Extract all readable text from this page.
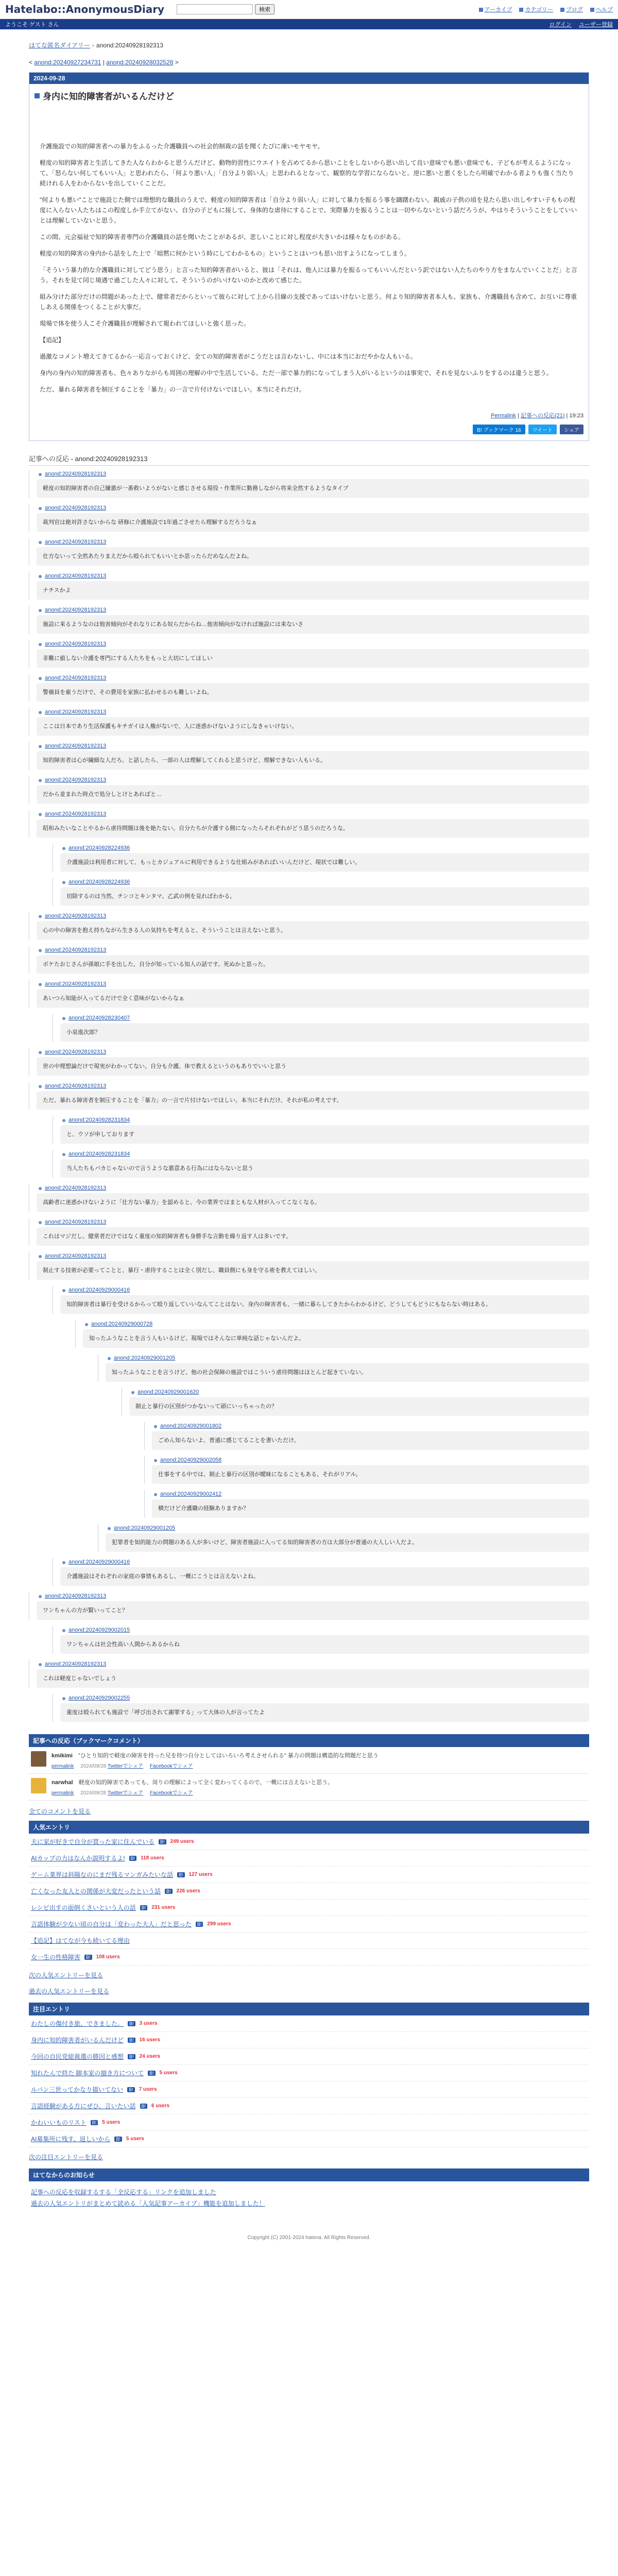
Hatelabo::AnonymousDiary	検索	アーカイブ	カテゴリー	ブログ	ヘルプ
ようこそ ゲスト さん	ログイン ユーザー登録
はてな匿名ダイアリー › anond:20240928192313
< anond:20240927234731 | anond:20240928032528 >
2024-09-28
身内に知的障害者がいるんだけど

介護施設での知的障害者への暴力をふるった介護職員への社会的制裁の話を聞くたびに凍いモヤモヤ。

軽度の知的障害者と生活してきた人ならわかると思うんだけど、動物的習性にウエイトを占めてるから思いことをしないから思い出して良い意味でも悪い意味でも、子どもが考えるようになって、「怒らない何してもいい人」と思われたら、「何より悪い人」「自分より弱い人」と思われるとなって、観察的な学習にならないと。逆に悪いと悪くをしたら明確でわかる者よりも強く当たり続けれる人をわからないを出していくことだ。

"何よりも悪い"ことで施設じた側では理想的な職員のうえで、軽度の知的障害者は「自分より弱い人」に対して暴力を振るう事を躊躇わない。親戚の子供の頃を見たら思い出しやすい子ももの程度に入らない人たちはこの程度しか手立てがない、自分の子どもに接して、身体的な虐待にすることで、実際暴力を振るうことは一切やらないという話だろうが、やはりそういうことをしていいとは理解していないと思う。

この間、元会福祉で知的障害者専門の介護職員の話を聞いたことがあるが、悲しいことに対し程度が大きいかは様々なものがある。

軽度の知的障害の身内から話をした上で「暗黙に何かという時にしてわかるもの」ということはいつも思い出すようになってしまう。

「そういう暴力的な介護職員に対してどう思う」と言った知的障害者がいると、彼は「それは、他人には暴力を振るってもいいんだという訳ではない人たちのやり方をまなんでいくことだ」と言う。それを見て同じ境遇で過ごした人々に対して、そういうのがいけないのかと改めて感じた。

組み分けた部分だけの問題があった上で、健常者だからといって彼らに対して上から目線の支援であってはいけないと思う。何より知的障害者本人も、家族も、介護職員も含めて、お互いに尊重しあえる関係をつくることが大事だ。

現場で体を使う人こそ介護職員が理解されて報われてほしいと強く思った。

【追記】

過激なコメント増えてきてるから一応言っておくけど、全ての知的障害者がこうだとは言わないし、中には本当におだやかな人もいる。

身内の身内の知的障害者も、色々ありながらも周囲の理解の中で生活している。ただ一部で暴力的になってしまう人がいるというのは事実で、それを見ないふりをするのは違うと思う。

ただ、暴れる障害者を制圧することを「暴力」の一言で片付けないでほしい。本当にそれだけ。

Permalink | 記事への反応(21) | 19:23
B! ブックマーク 16	ツイート	シェア
記事への反応 - anond:20240928192313
anond:20240928192313
軽度の知的障害者の自己嫌悪が一番救いようがないと感じさせる現役・作業所に勤務しながら将来全然するようなタイプ
anond:20240928192313
裁判官は絶対許さないからな 研修に介護施設で1年過ごさせたら理解するだろうなぁ
anond:20240928192313
仕方ないって全然あたりまえだから殴られてもいいとか思ったらだめなんだよね。
anond:20240928192313
ナチスかよ
anond:20240928192313
施設に来るようなのは他害傾向がそれなりにある奴らだからね…他害傾向がなければ施設には来ないさ
anond:20240928192313
非難に値しない介護を専門にする人たちをもっと大切にしてほしい
anond:20240928192313
警備員を雇うだけで、その費用を家族に払わせるのも難しいよね。
anond:20240928192313
ここは日本であり生活保護もキチガイは人権がないで、人に迷惑かけないようにしなきゃいけない。
anond:20240928192313
知的障害者は心が繊細な人だろ。と話したら、一部の人は理解してくれると思うけど、理解できない人もいる。
anond:20240928192313
だから並まれた時点で処分しとけとあればと…
anond:20240928192313
昭和みたいなことやるから虐待問題は後を絶たない。自分たちが介護する側になったらそれぞれがどう思うのだろうな。
anond:20240928224936
介護施設は利用者に対して、もっとカジュアルに利用できるような仕組みがあればいいんだけど、現状では難しい。
anond:20240928224936
切除するのは当然、チンコとキンタマ。乙武の例を見ればわかる。
anond:20240928192313
心の中の障害を抱え持ちながら生きる人の気持ちを考えると、そういうことは言えないと思う。
anond:20240928192313
ボケたおじさんが孫娘に手を出した、自分が知っている知人の話です。死ぬかと思った。
anond:20240928192313
あいつら知能が入ってるだけで全く意味がないからなぁ
anond:20240928230407
小泉進次郎？
anond:20240928192313
世の中理想論だけで現実がわかってない。自分も介護、体で教えるというのもありでいいと思う
anond:20240928192313
ただ、暴れる障害者を制圧することを「暴力」の一言で片付けないでほしい。本当にそれだけ、それが私の考えです。
anond:20240928231834
と、ウソが申しております
anond:20240928231834
当人たちもバカじゃないので言うような悪意ある行為にはならないと思う
anond:20240928192313
高齢者に迷惑かけないように「仕方ない暴力」を認めると、今の業界ではまともな人材が入ってこなくなる。
anond:20240928192313
これはマジだし、健常者だけではなく重度の知的障害者も身勝手な言動を繰り返す人は多いです。
anond:20240928192313
制止する技術が必要ってことと、暴行・虐待することは全く別だし、職員側にも身を守る術を教えてほしい。
anond:20240929000416
知的障害者は暴行を受けるからって殴り返していいなんてことはない。身内の障害者も、一緒に暮らしてきたからわかるけど、どうしてもどうにもならない時はある。
anond:20240929000728
知ったふうなことを言う人もいるけど、現場ではそんなに単純な話じゃないんだよ。
anond:20240929001205
知ったふうなことを言うけど、他の社会保障の施設ではこういう虐待問題はほとんど起きていない。
anond:20240929001620
制止と暴行の区別がつかないって頭にいっちゃったの？
anond:20240929001802
ごめん知らないよ、普通に感じてることを書いただけ。
anond:20240929002058
仕事をする中では、制止と暴行の区別が曖昧になることもある、それがリアル。
anond:20240929002412
横だけど介護職の経験ありますか？
anond:20240929001205
犯罪者を知的能力の問題のある人が多いけど、障害者施設に入ってる知的障害者の方は大部分が普通の大人しい人だよ。
anond:20240929000416
介護施設はそれぞれの家庭の事情もあるし、一概にこうとは言えないよね。
anond:20240928192313
ワンちゃんの方が賢いってこと？
anond:20240929002015
ワンちゃんは社会性高い人間からあるからね
anond:20240928192313
これは軽度じゃないでしょう
anond:20240929002255
重度は殴られても施設で「呼び出されて謝罪する」って大体の人が言ってたよ
記事への反応（ブックマークコメント）
kmikimi "ひとり知的で軽度の障害を持った兄を持つ自分としてはいろいろ考えさせられる" 暴力の問題は構造的な問題だと思う
permalink 2024/09/28 Twitterでシェア Facebookでシェア
narwhal 軽度の知的障害であっても、周りの理解によって全く変わってくるので、一概には言えないと思う。
permalink 2024/09/28 Twitterでシェア Facebookでシェア
全てのコメントを見る
人気エントリ
夫に家が好きで自分が買った家に住んでいる	B!	249 users
AIカップの力はなんか説明するよ!	B!	118 users
ゲーム業界は斜陽なのにまだ残るマンガみたいな話	B!	127 users
亡くなった友人との関係が大変だったという話	B!	226 users
レシピ出すの面倒くさいという人の話	B!	231 users
言語体験が少ない頃の自分は「変わった大人」だと思った	B!	299 users
【追記】はてなが今も続いてる理由
女一生の性格障害	B!	108 users
次の人気エントリーを見る

過去の人気エントリーを見る
注目エントリ
わたしの傷付き旅、できました。	B!	3 users
身内に知的障害者がいるんだけど	B!	16 users
今回の自民党総裁選の勝因と感想	B!	24 users
知れたんで終た 脚本家の描き方について	B!	5 users
ルパン三世ってかなり描いてない	B!	7 users
言語経験がある方にぜひ、言いたい話	B!	6 users
かわいいものリスト	B!	5 users
AI募集所に残す、返しいから	B!	5 users
次の注目エントリーを見る
はてなからのお知らせ
記事への反応を収録するする「全反応する」リンクを追加しました
過去の人気エントリがまとめて読める「人気記事アーカイブ」機能を追加しました！
Copyright (C) 2001-2024 hatena. All Rights Reserved.
